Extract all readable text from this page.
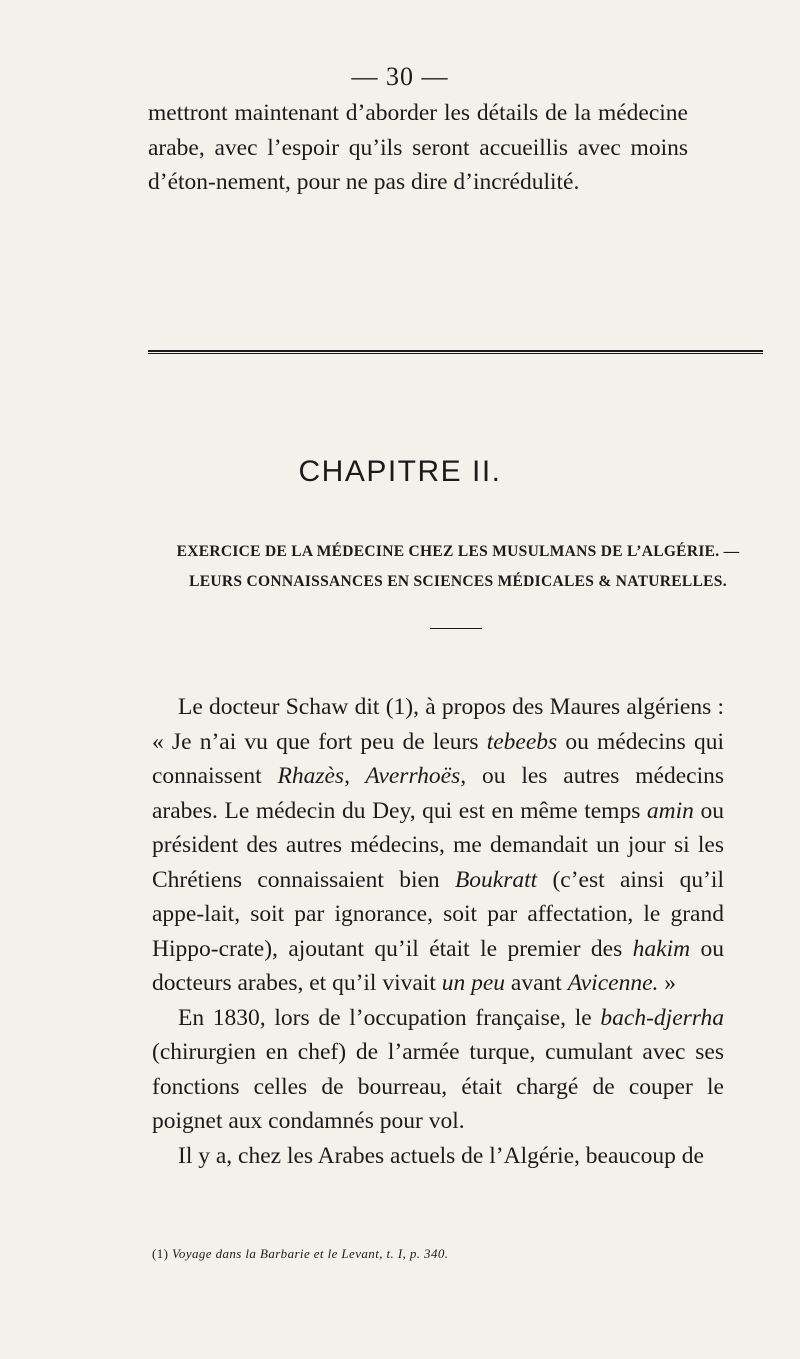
— 30 —

mettront maintenant d’aborder les détails de la médecine arabe, avec l’espoir qu’ils seront accueillis avec moins d’éton-nement, pour ne pas dire d’incrédulité.

CHAPITRE II.
EXERCICE DE LA MÉDECINE CHEZ LES MUSULMANS DE L’ALGÉRIE. — LEURS CONNAISSANCES EN SCIENCES MÉDICALES & NATURELLES.

Le docteur Schaw dit (1), à propos des Maures algériens : « Je n’ai vu que fort peu de leurs tebeebs ou médecins qui connaissent Rhazès, Averrhoës, ou les autres médecins arabes. Le médecin du Dey, qui est en même temps amin ou président des autres médecins, me demandait un jour si les Chrétiens connaissaient bien Boukratt (c’est ainsi qu’il appe-lait, soit par ignorance, soit par affectation, le grand Hippo-crate), ajoutant qu’il était le premier des hakim ou docteurs arabes, et qu’il vivait un peu avant Avicenne. »

En 1830, lors de l’occupation française, le bach-djerrha (chirurgien en chef) de l’armée turque, cumulant avec ses fonctions celles de bourreau, était chargé de couper le poignet aux condamnés pour vol.

Il y a, chez les Arabes actuels de l’Algérie, beaucoup de

(1) Voyage dans la Barbarie et le Levant, t. I, p. 340.
